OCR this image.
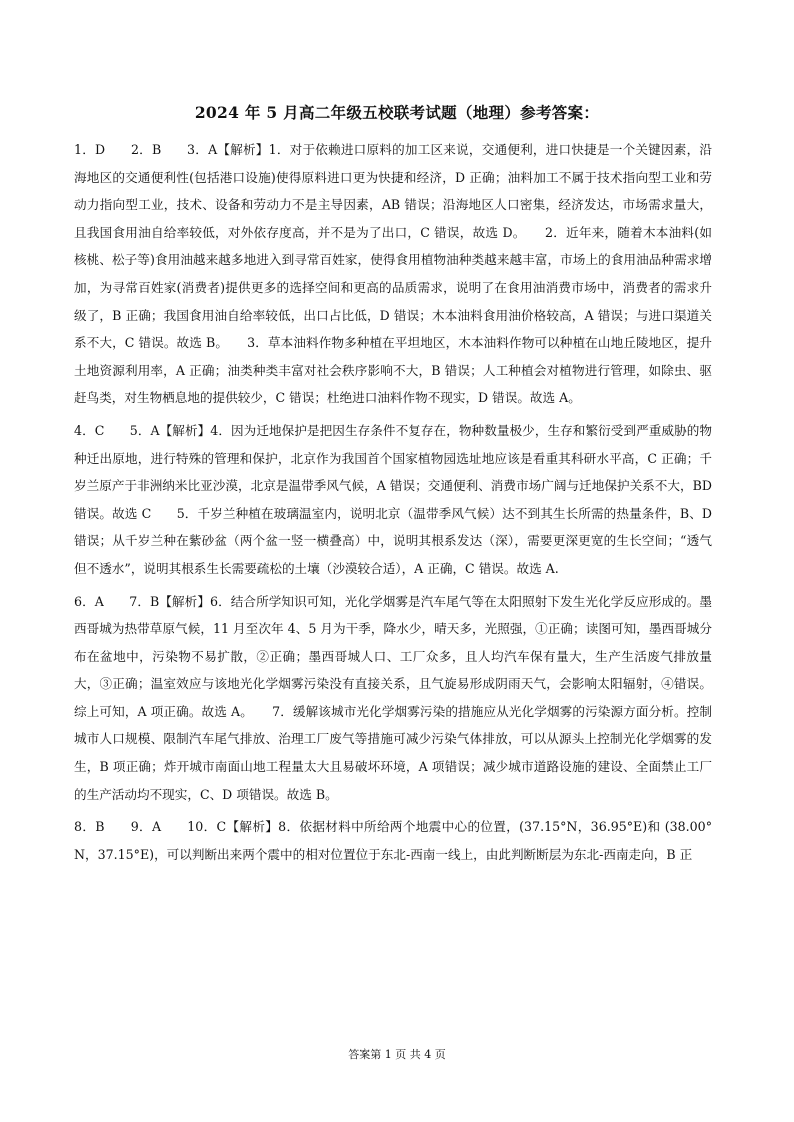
2024 年 5 月高二年级五校联考试题（地理）参考答案：
1．D　　2．B　　3．A【解析】1．对于依赖进口原料的加工区来说，交通便利，进口快捷是一个关键因素，沿海地区的交通便利性(包括港口设施)使得原料进口更为快捷和经济，D 正确；油料加工不属于技术指向型工业和劳动力指向型工业，技术、设备和劳动力不是主导因素，AB 错误；沿海地区人口密集，经济发达，市场需求量大，且我国食用油自给率较低，对外依存度高，并不是为了出口，C 错误，故选 D。　　2．近年来，随着木本油料(如核桃、松子等)食用油越来越多地进入到寻常百姓家，使得食用植物油种类越来越丰富，市场上的食用油品种需求增加，为寻常百姓家(消费者)提供更多的选择空间和更高的品质需求，说明了在食用油消费市场中，消费者的需求升级了，B 正确；我国食用油自给率较低，出口占比低，D 错误；木本油料食用油价格较高，A 错误；与进口渠道关系不大，C 错误。故选 B。　　3．草本油料作物多种植在平坦地区，木本油料作物可以种植在山地丘陵地区，提升土地资源利用率，A 正确；油类种类丰富对社会秩序影响不大，B 错误；人工种植会对植物进行管理，如除虫、驱赶鸟类，对生物栖息地的提供较少，C 错误；杜绝进口油料作物不现实，D 错误。故选 A。
4．C　　5．A【解析】4．因为迁地保护是把因生存条件不复存在，物种数量极少，生存和繁衍受到严重威胁的物种迁出原地，进行特殊的管理和保护，北京作为我国首个国家植物园选址地应该是看重其科研水平高，C 正确；千岁兰原产于非洲纳米比亚沙漠，北京是温带季风气候，A 错误；交通便利、消费市场广阔与迁地保护关系不大，BD 错误。故选 C　　5．千岁兰种植在玻璃温室内，说明北京（温带季风气候）达不到其生长所需的热量条件，B、D 错误；从千岁兰种在紫砂盆（两个盆一竖一横叠高）中，说明其根系发达（深），需要更深更宽的生长空间；“透气但不透水”，说明其根系生长需要疏松的土壤（沙漠较合适），A 正确，C 错误。故选 A.
6．A　　7．B【解析】6．结合所学知识可知，光化学烟雾是汽车尾气等在太阳照射下发生光化学反应形成的。墨西哥城为热带草原气候，11 月至次年 4、5 月为干季，降水少，晴天多，光照强，①正确；读图可知，墨西哥城分布在盆地中，污染物不易扩散，②正确；墨西哥城人口、工厂众多，且人均汽车保有量大，生产生活废气排放量大，③正确；温室效应与该地光化学烟雾污染没有直接关系，且气旋易形成阴雨天气，会影响太阳辐射，④错误。综上可知，A 项正确。故选 A。　　7．缓解该城市光化学烟雾污染的措施应从光化学烟雾的污染源方面分析。控制城市人口规模、限制汽车尾气排放、治理工厂废气等措施可减少污染气体排放，可以从源头上控制光化学烟雾的发生，B 项正确；炸开城市南面山地工程量太大且易破坏环境，A 项错误；减少城市道路设施的建设、全面禁止工厂的生产活动均不现实，C、D 项错误。故选 B。
8．B　　9．A　　10．C【解析】8．依据材料中所给两个地震中心的位置，(37.15°N，36.95°E)和 (38.00°N，37.15°E)，可以判断出来两个震中的相对位置位于东北-西南一线上，由此判断断层为东北-西南走向，B 正
答案第 1 页 共 4 页
